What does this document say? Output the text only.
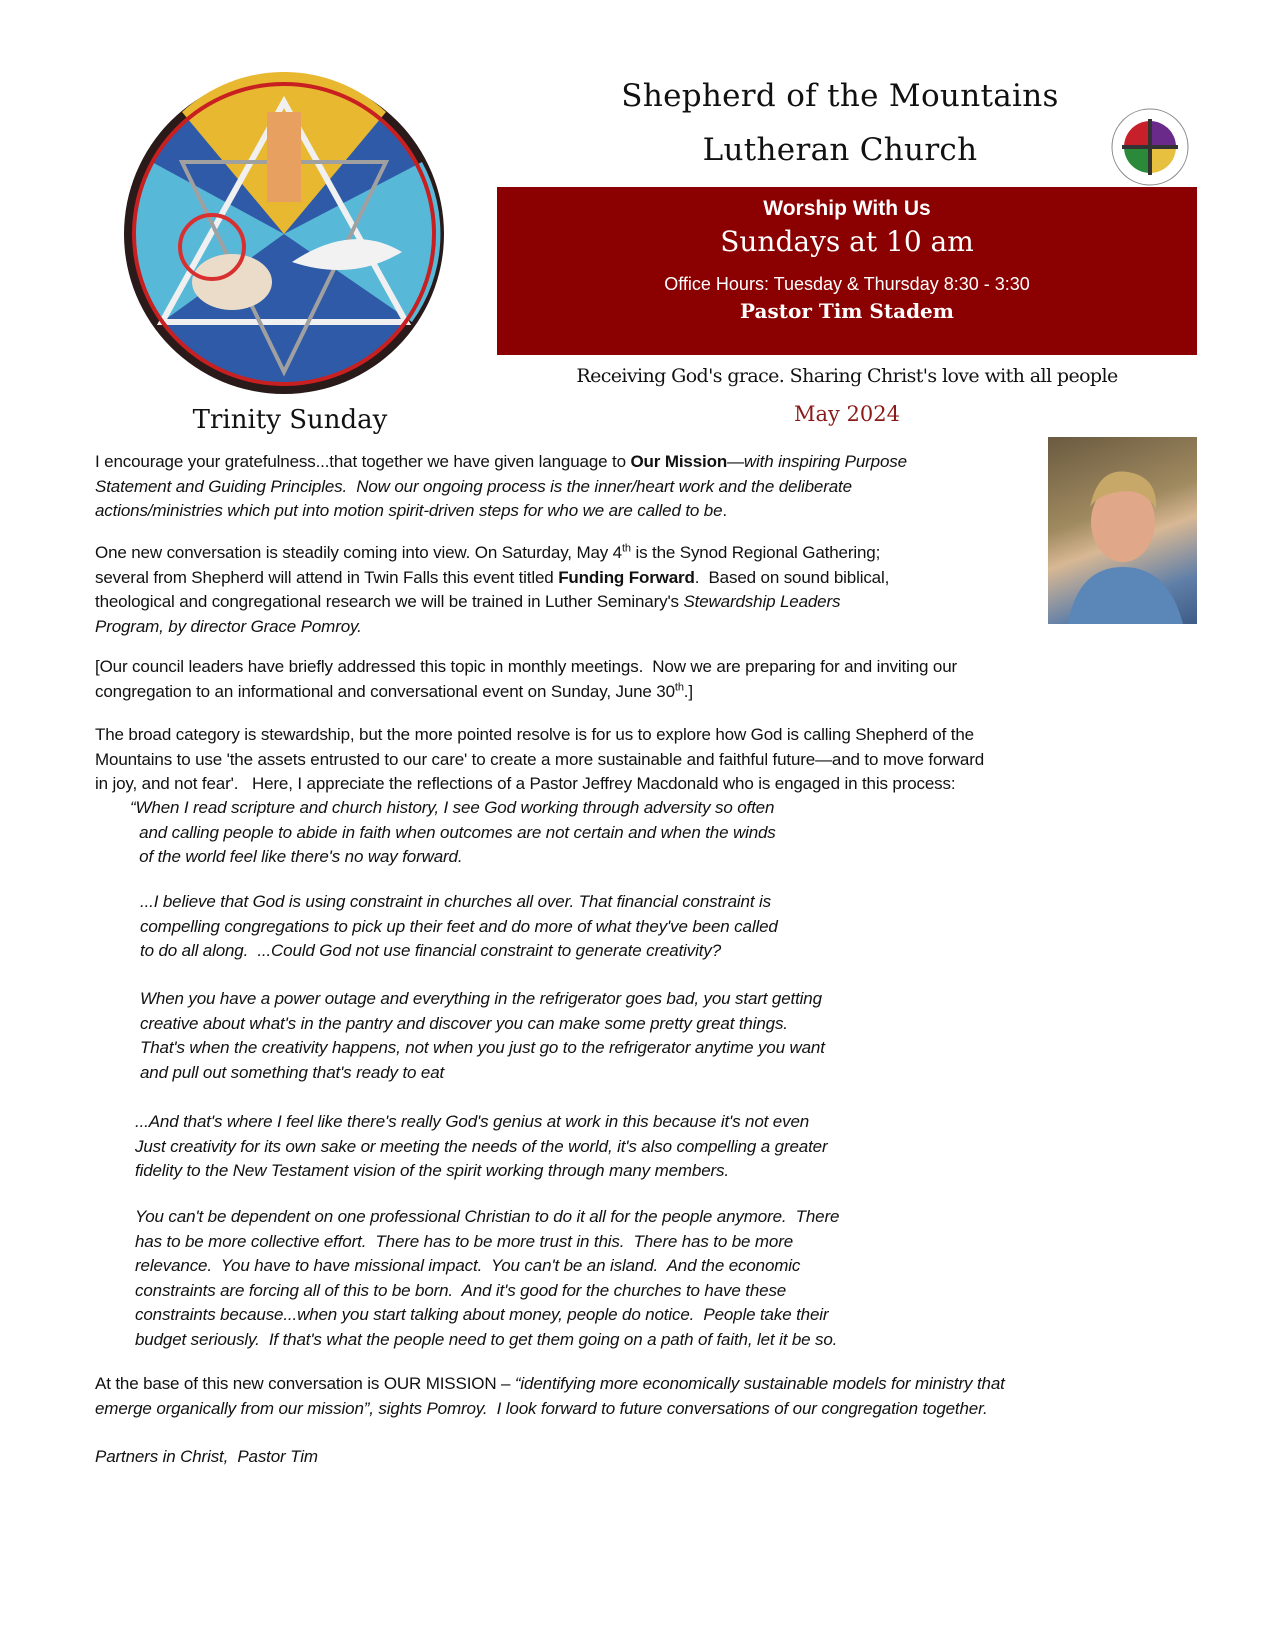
Trinity Sunday
Shepherd of the Mountains
Lutheran Church
Worship With Us
Sundays at 10 am
Office Hours: Tuesday & Thursday 8:30 - 3:30
Pastor Tim Stadem
Receiving God's grace. Sharing Christ's love with all people
May 2024
I encourage your gratefulness...that together we have given language to Our Mission—with inspiring Purpose
Statement and Guiding Principles.  Now our ongoing process is the inner/heart work and the deliberate
actions/ministries which put into motion spirit-driven steps for who we are called to be.
One new conversation is steadily coming into view. On Saturday, May 4th is the Synod Regional Gathering;
several from Shepherd will attend in Twin Falls this event titled Funding Forward.  Based on sound biblical,
theological and congregational research we will be trained in Luther Seminary's Stewardship Leaders
Program, by director Grace Pomroy.
[Our council leaders have briefly addressed this topic in monthly meetings.  Now we are preparing for and inviting our
congregation to an informational and conversational event on Sunday, June 30th.]
The broad category is stewardship, but the more pointed resolve is for us to explore how God is calling Shepherd of the
Mountains to use 'the assets entrusted to our care' to create a more sustainable and faithful future—and to move forward
in joy, and not fear'.   Here, I appreciate the reflections of a Pastor Jeffrey Macdonald who is engaged in this process:
“When I read scripture and church history, I see God working through adversity so often
and calling people to abide in faith when outcomes are not certain and when the winds
of the world feel like there's no way forward.
...I believe that God is using constraint in churches all over. That financial constraint is
compelling congregations to pick up their feet and do more of what they've been called
to do all along.  ...Could God not use financial constraint to generate creativity?
When you have a power outage and everything in the refrigerator goes bad, you start getting
creative about what's in the pantry and discover you can make some pretty great things.
That's when the creativity happens, not when you just go to the refrigerator anytime you want
and pull out something that's ready to eat
...And that's where I feel like there's really God's genius at work in this because it's not even
Just creativity for its own sake or meeting the needs of the world, it's also compelling a greater
fidelity to the New Testament vision of the spirit working through many members.
You can't be dependent on one professional Christian to do it all for the people anymore.  There
has to be more collective effort.  There has to be more trust in this.  There has to be more
relevance.  You have to have missional impact.  You can't be an island.  And the economic
constraints are forcing all of this to be born.  And it's good for the churches to have these
constraints because...when you start talking about money, people do notice.  People take their
budget seriously.  If that's what the people need to get them going on a path of faith, let it be so.
At the base of this new conversation is OUR MISSION – “identifying more economically sustainable models for ministry that
emerge organically from our mission”, sights Pomroy.  I look forward to future conversations of our congregation together.
Partners in Christ,  Pastor Tim
